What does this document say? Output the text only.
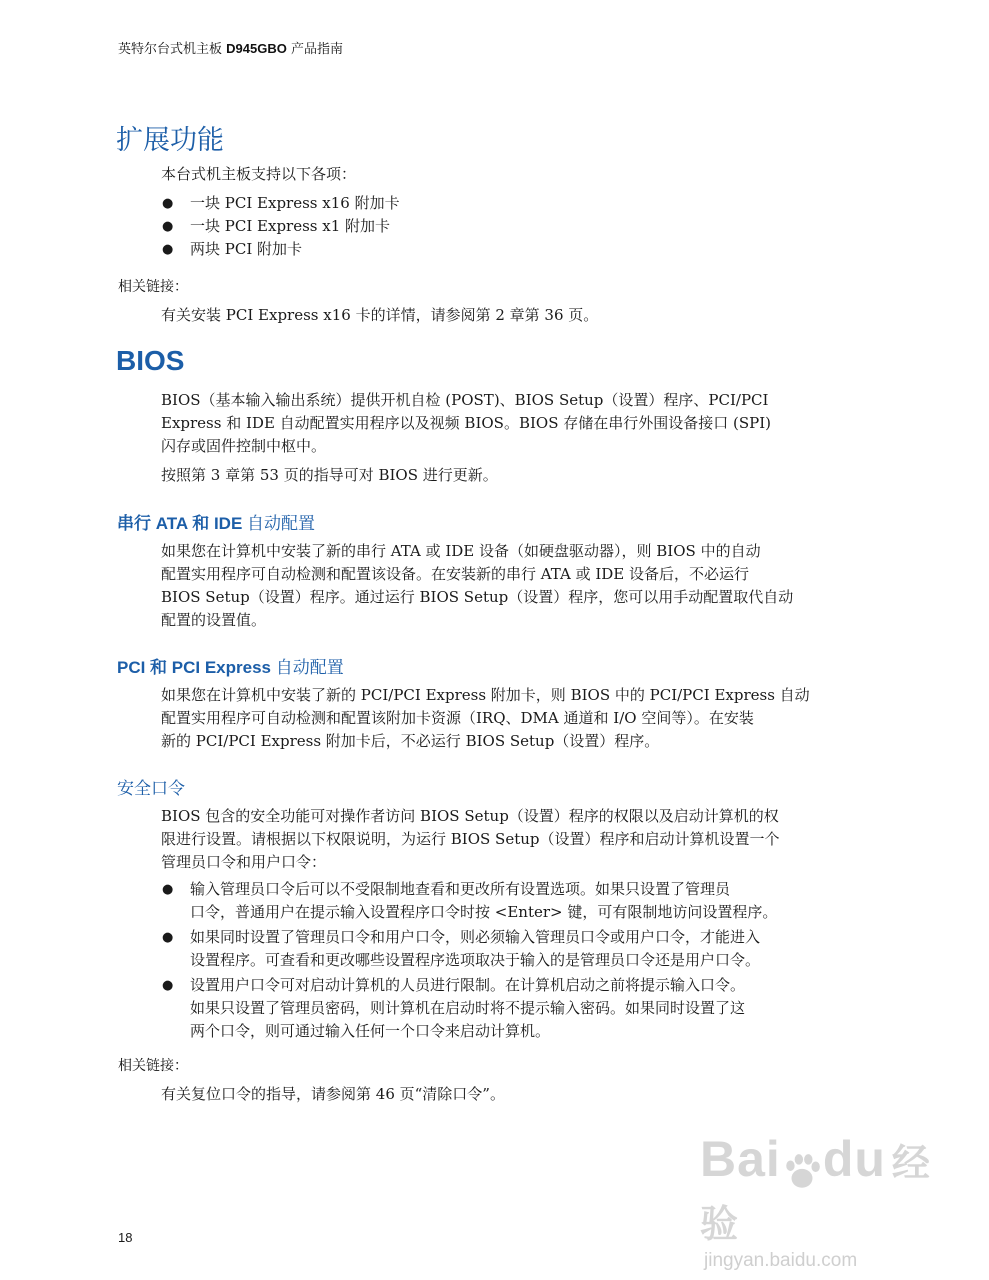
英特尔台式机主板 D945GBO 产品指南
扩展功能

本台式机主板支持以下各项：

● 一块 PCI Express x16 附加卡
● 一块 PCI Express x1 附加卡
● 两块 PCI 附加卡
相关链接：

有关安装 PCI Express x16 卡的详情，请参阅第 2 章第 36 页。

BIOS
BIOS（基本输入输出系统）提供开机自检 (POST)、BIOS Setup（设置）程序、PCI/PCI
Express 和 IDE 自动配置实用程序以及视频 BIOS。BIOS 存储在串行外围设备接口 (SPI)
闪存或固件控制中枢中。

按照第 3 章第 53 页的指导可对 BIOS 进行更新。

串行 ATA 和 IDE 自动配置
如果您在计算机中安装了新的串行 ATA 或 IDE 设备（如硬盘驱动器），则 BIOS 中的自动
配置实用程序可自动检测和配置该设备。在安装新的串行 ATA 或 IDE 设备后，不必运行
BIOS Setup（设置）程序。通过运行 BIOS Setup（设置）程序，您可以用手动配置取代自动
配置的设置值。
PCI 和 PCI Express 自动配置
如果您在计算机中安装了新的 PCI/PCI Express 附加卡，则 BIOS 中的 PCI/PCI Express 自动
配置实用程序可自动检测和配置该附加卡资源（IRQ、DMA 通道和 I/O 空间等）。在安装
新的 PCI/PCI Express 附加卡后，不必运行 BIOS Setup（设置）程序。
安全口令
BIOS 包含的安全功能可对操作者访问 BIOS Setup（设置）程序的权限以及启动计算机的权
限进行设置。请根据以下权限说明，为运行 BIOS Setup（设置）程序和启动计算机设置一个
管理员口令和用户口令：
● 输入管理员口令后可以不受限制地查看和更改所有设置选项。如果只设置了管理员
口令，普通用户在提示输入设置程序口令时按 <Enter> 键，可有限制地访问设置程序。
● 如果同时设置了管理员口令和用户口令，则必须输入管理员口令或用户口令，才能进入
设置程序。可查看和更改哪些设置程序选项取决于输入的是管理员口令还是用户口令。
● 设置用户口令可对启动计算机的人员进行限制。在计算机启动之前将提示输入口令。
如果只设置了管理员密码，则计算机在启动时将不提示输入密码。如果同时设置了这
两个口令，则可通过输入任何一个口令来启动计算机。
相关链接：

有关复位口令的指导，请参阅第 46 页“清除口令”。

18
Bai du 经验
jingyan.baidu.com
